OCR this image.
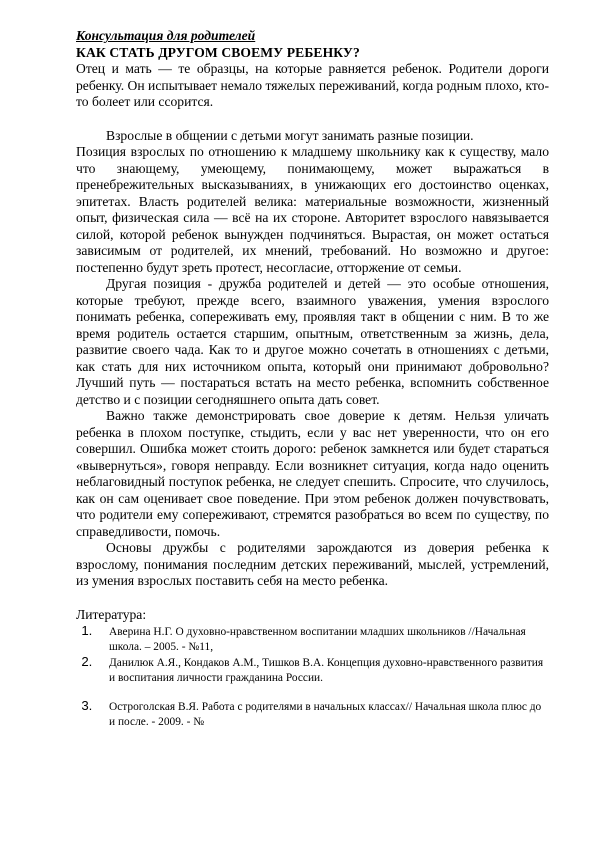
Консультация для родителей

КАК СТАТЬ ДРУГОМ СВОЕМУ РЕБЕНКУ?

Отец и мать — те образцы, на которые равняется ребенок. Родители дороги ребенку. Он испытывает немало тяжелых переживаний, когда родным плохо, кто-то болеет или ссорится.

Взрослые в общении с детьми могут занимать разные позиции.

Позиция взрослых по отношению к младшему школьнику как к существу, мало что знающему, умеющему, понимающему, может выражаться в пренебрежительных высказываниях, в унижающих его достоинство оценках, эпитетах. Власть родителей велика: материальные возможности, жизненный опыт, физическая сила — всё на их стороне. Авторитет взрослого навязывается силой, которой ребенок вынужден подчиняться. Вырастая, он может остаться зависимым от родителей, их мнений, требований. Но возможно и другое: постепенно будут зреть протест, несогласие, отторжение от семьи.

Другая позиция - дружба родителей и детей — это особые отношения, которые требуют, прежде всего, взаимного уважения, умения взрослого понимать ребенка, сопереживать ему, проявляя такт в общении с ним. В то же время родитель остается старшим, опытным, ответственным за жизнь, дела, развитие своего чада. Как то и другое можно сочетать в отношениях с детьми, как стать для них источником опыта, который они принимают добровольно? Лучший путь — постараться встать на место ребенка, вспомнить собственное детство и с позиции сегодняшнего опыта дать совет.

Важно также демонстрировать свое доверие к детям. Нельзя уличать ребенка в плохом поступке, стыдить, если у вас нет уверенности, что он его совершил. Ошибка может стоить дорого: ребенок замкнется или будет стараться «вывернуться», говоря неправду. Если возникнет ситуация, когда надо оценить неблаговидный поступок ребенка, не следует спешить. Спросите, что случилось, как он сам оценивает свое поведение. При этом ребенок должен почувствовать, что родители ему сопереживают, стремятся разобраться во всем по существу, по справедливости, помочь.

Основы дружбы с родителями зарождаются из доверия ребенка к взрослому, понимания последним детских переживаний, мыслей, устремлений, из умения взрослых поставить себя на место ребенка.

Литература:

1. Аверина Н.Г. О духовно-нравственном воспитании младших школьников //Начальная школа. – 2005. - №11,
2. Данилюк А.Я., Кондаков А.М., Тишков В.А. Концепция духовно-нравственного развития и воспитания личности гражданина России.
3. Остроголская В.Я. Работа с родителями в начальных классах// Начальная школа плюс до и после. - 2009. - №
